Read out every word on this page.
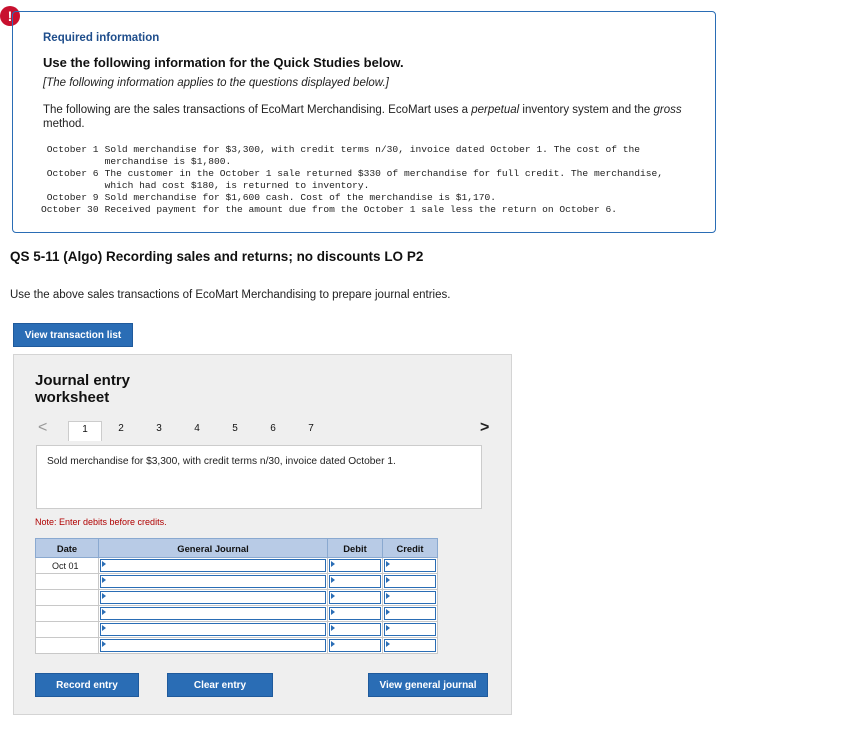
!
Required information
Use the following information for the Quick Studies below.
[The following information applies to the questions displayed below.]
The following are the sales transactions of EcoMart Merchandising. EcoMart uses a perpetual inventory system and the gross method.
October 1	Sold merchandise for $3,300, with credit terms n/30, invoice dated October 1. The cost of the merchandise is $1,800.
October 6	The customer in the October 1 sale returned $330 of merchandise for full credit. The merchandise, which had cost $180, is returned to inventory.
October 9	Sold merchandise for $1,600 cash. Cost of the merchandise is $1,170.
October 30	Received payment for the amount due from the October 1 sale less the return on October 6.
QS 5-11 (Algo) Recording sales and returns; no discounts LO P2
Use the above sales transactions of EcoMart Merchandising to prepare journal entries.
View transaction list
Journal entry
worksheet
<	1	2	3	4	5	6	7	>
Sold merchandise for $3,300, with credit terms n/30, invoice dated October 1.
Note: Enter debits before credits.
Date	General Journal	Debit	Credit
Oct 01	

Record entry	Clear entry	View general journal
